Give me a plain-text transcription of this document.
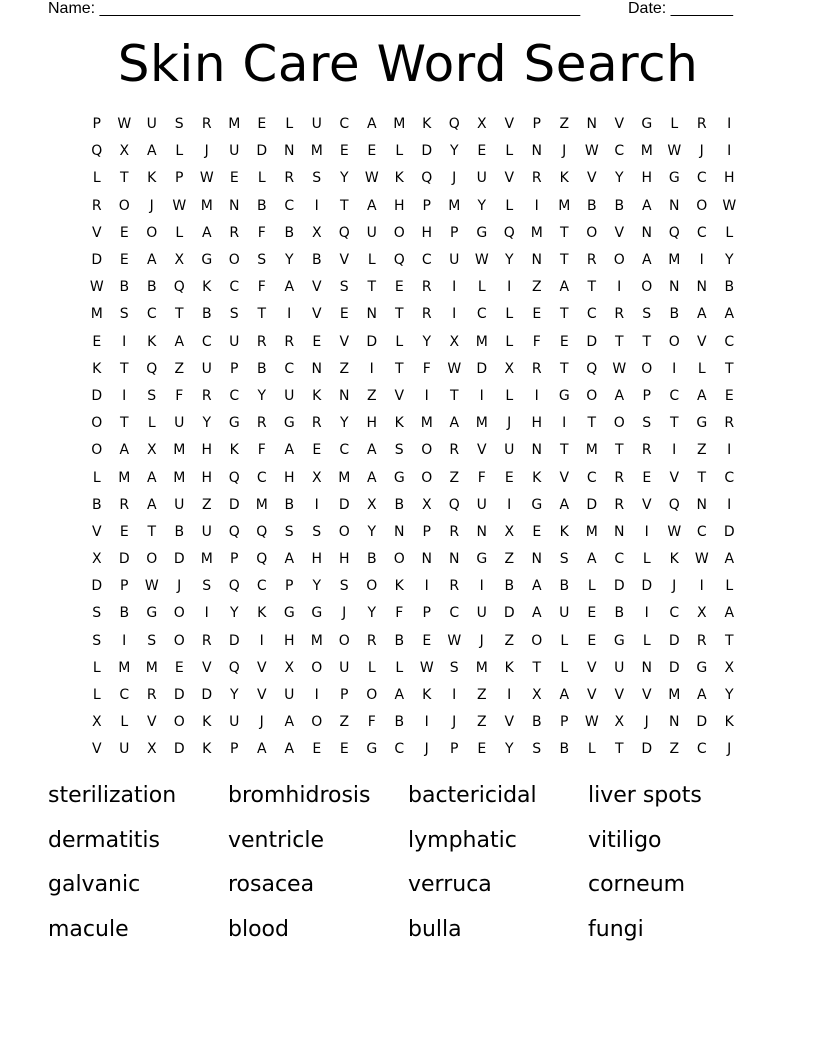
Name: ______________________________________________________	Date: _______
Skin Care Word Search
P	W	U	S	R	M	E	L	U	C	A	M	K	Q	X	V	P	Z	N	V	G	L	R	I
Q	X	A	L	J	U	D	N	M	E	E	L	D	Y	E	L	N	J	W	C	M	W	J	I
L	T	K	P	W	E	L	R	S	Y	W	K	Q	J	U	V	R	K	V	Y	H	G	C	H
R	O	J	W	M	N	B	C	I	T	A	H	P	M	Y	L	I	M	B	B	A	N	O	W
V	E	O	L	A	R	F	B	X	Q	U	O	H	P	G	Q	M	T	O	V	N	Q	C	L
D	E	A	X	G	O	S	Y	B	V	L	Q	C	U	W	Y	N	T	R	O	A	M	I	Y
W	B	B	Q	K	C	F	A	V	S	T	E	R	I	L	I	Z	A	T	I	O	N	N	B
M	S	C	T	B	S	T	I	V	E	N	T	R	I	C	L	E	T	C	R	S	B	A	A
E	I	K	A	C	U	R	R	E	V	D	L	Y	X	M	L	F	E	D	T	T	O	V	C
K	T	Q	Z	U	P	B	C	N	Z	I	T	F	W	D	X	R	T	Q	W	O	I	L	T
D	I	S	F	R	C	Y	U	K	N	Z	V	I	T	I	L	I	G	O	A	P	C	A	E
O	T	L	U	Y	G	R	G	R	Y	H	K	M	A	M	J	H	I	T	O	S	T	G	R
O	A	X	M	H	K	F	A	E	C	A	S	O	R	V	U	N	T	M	T	R	I	Z	I
L	M	A	M	H	Q	C	H	X	M	A	G	O	Z	F	E	K	V	C	R	E	V	T	C
B	R	A	U	Z	D	M	B	I	D	X	B	X	Q	U	I	G	A	D	R	V	Q	N	I
V	E	T	B	U	Q	Q	S	S	O	Y	N	P	R	N	X	E	K	M	N	I	W	C	D
X	D	O	D	M	P	Q	A	H	H	B	O	N	N	G	Z	N	S	A	C	L	K	W	A
D	P	W	J	S	Q	C	P	Y	S	O	K	I	R	I	B	A	B	L	D	D	J	I	L
S	B	G	O	I	Y	K	G	G	J	Y	F	P	C	U	D	A	U	E	B	I	C	X	A
S	I	S	O	R	D	I	H	M	O	R	B	E	W	J	Z	O	L	E	G	L	D	R	T
L	M	M	E	V	Q	V	X	O	U	L	L	W	S	M	K	T	L	V	U	N	D	G	X
L	C	R	D	D	Y	V	U	I	P	O	A	K	I	Z	I	X	A	V	V	V	M	A	Y
X	L	V	O	K	U	J	A	O	Z	F	B	I	J	Z	V	B	P	W	X	J	N	D	K
V	U	X	D	K	P	A	A	E	E	G	C	J	P	E	Y	S	B	L	T	D	Z	C	J
sterilization	bromhidrosis	bactericidal	liver spots
dermatitis	ventricle	lymphatic	vitiligo
galvanic	rosacea	verruca	corneum
macule	blood	bulla	fungi
